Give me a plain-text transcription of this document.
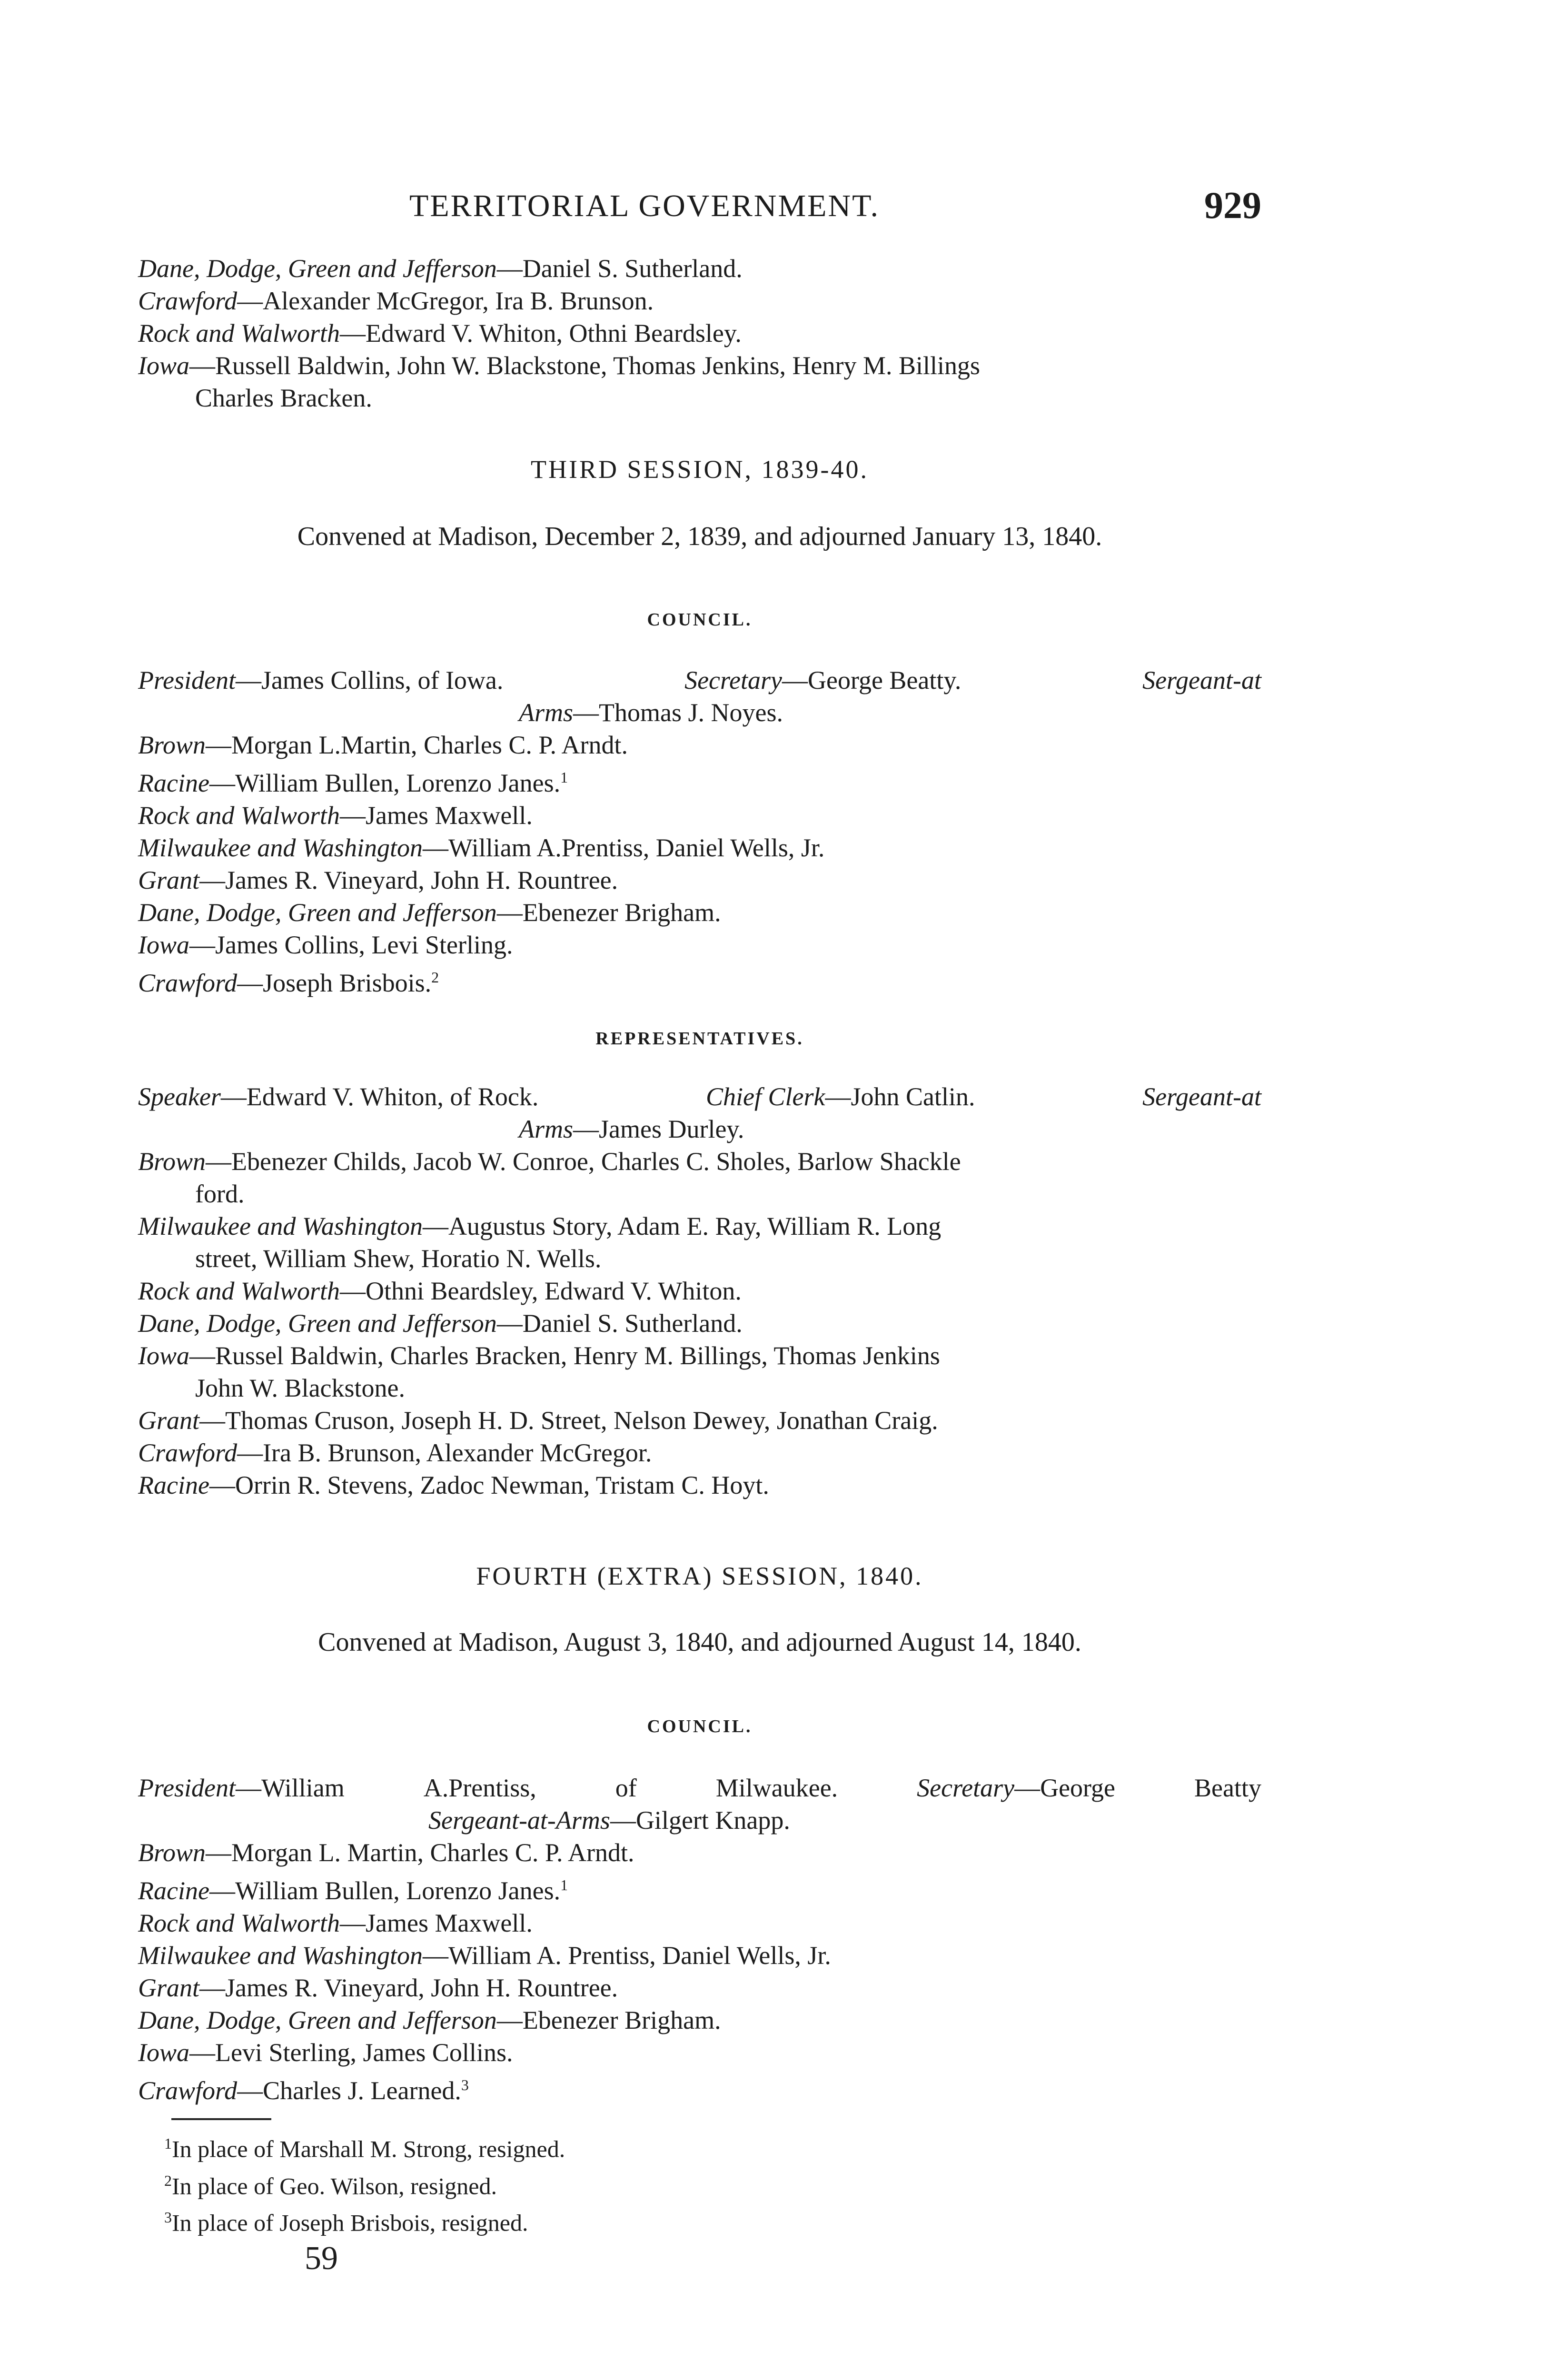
TERRITORIAL GOVERNMENT.	929
Dane, Dodge, Green and Jefferson—Daniel S. Sutherland.
Crawford—Alexander McGregor, Ira B. Brunson.
Rock and Walworth—Edward V. Whiton, Othni Beardsley.
Iowa—Russell Baldwin, John W. Blackstone, Thomas Jenkins, Henry M. Billings
Charles Bracken.
THIRD SESSION, 1839-40.
Convened at Madison, December 2, 1839, and adjourned January 13, 1840.
COUNCIL.
President—James Collins, of Iowa.	Secretary—George Beatty.	Sergeant-at
Arms—Thomas J. Noyes.
Brown—Morgan L.Martin, Charles C. P. Arndt.
Racine—William Bullen, Lorenzo Janes.$^1$
Rock and Walworth—James Maxwell.
Milwaukee and Washington—William A.Prentiss, Daniel Wells, Jr.
Grant—James R. Vineyard, John H. Rountree.
Dane, Dodge, Green and Jefferson—Ebenezer Brigham.
Iowa—James Collins, Levi Sterling.
Crawford—Joseph Brisbois.$^2$
REPRESENTATIVES.
Speaker—Edward V. Whiton, of Rock.	Chief Clerk—John Catlin.	Sergeant-at
Arms—James Durley.
Brown—Ebenezer Childs, Jacob W. Conroe, Charles C. Sholes, Barlow Shackle
ford.
Milwaukee and Washington—Augustus Story, Adam E. Ray, William R. Long
street, William Shew, Horatio N. Wells.
Rock and Walworth—Othni Beardsley, Edward V. Whiton.
Dane, Dodge, Green and Jefferson—Daniel S. Sutherland.
Iowa—Russel Baldwin, Charles Bracken, Henry M. Billings, Thomas Jenkins
John W. Blackstone.
Grant—Thomas Cruson, Joseph H. D. Street, Nelson Dewey, Jonathan Craig.
Crawford—Ira B. Brunson, Alexander McGregor.
Racine—Orrin R. Stevens, Zadoc Newman, Tristam C. Hoyt.
FOURTH (EXTRA) SESSION, 1840.
Convened at Madison, August 3, 1840, and adjourned August 14, 1840.
COUNCIL.
President—William	A.Prentiss,	of	Milwaukee.	Secretary—George	Beatty
Sergeant-at-Arms—Gilgert Knapp.
Brown—Morgan L. Martin, Charles C. P. Arndt.
Racine—William Bullen, Lorenzo Janes.$^1$
Rock and Walworth—James Maxwell.
Milwaukee and Washington—William A. Prentiss, Daniel Wells, Jr.
Grant—James R. Vineyard, John H. Rountree.
Dane, Dodge, Green and Jefferson—Ebenezer Brigham.
Iowa—Levi Sterling, James Collins.
Crawford—Charles J. Learned.$^3$
$^1$In place of Marshall M. Strong, resigned.
$^2$In place of Geo. Wilson, resigned.
$^3$In place of Joseph Brisbois, resigned.
59
